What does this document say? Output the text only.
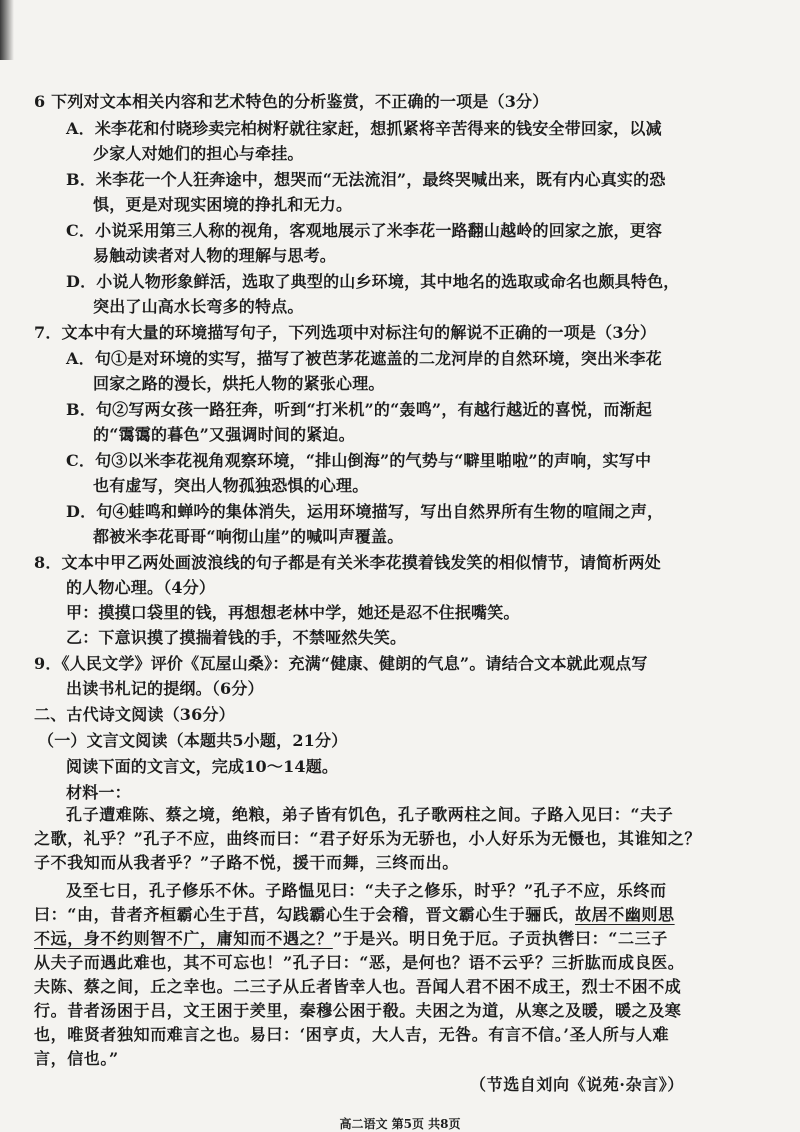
6 下列对文本相关内容和艺术特色的分析鉴赏，不正确的一项是（3分）
A．米李花和付晓珍卖完柏树籽就往家赶，想抓紧将辛苦得来的钱安全带回家，以减
少家人对她们的担心与牵挂。
B．米李花一个人狂奔途中，想哭而“无法流泪”，最终哭喊出来，既有内心真实的恐
惧，更是对现实困境的挣扎和无力。
C．小说采用第三人称的视角，客观地展示了米李花一路翻山越岭的回家之旅，更容
易触动读者对人物的理解与思考。
D．小说人物形象鲜活，选取了典型的山乡环境，其中地名的选取或命名也颇具特色，
突出了山高水长弯多的特点。
7．文本中有大量的环境描写句子，下列选项中对标注句的解说不正确的一项是（3分）
A．句①是对环境的实写，描写了被芭茅花遮盖的二龙河岸的自然环境，突出米李花
回家之路的漫长，烘托人物的紧张心理。
B．句②写两女孩一路狂奔，听到“打米机”的“轰鸣”，有越行越近的喜悦，而渐起
的“霭霭的暮色”又强调时间的紧迫。
C．句③以米李花视角观察环境，“排山倒海”的气势与“噼里啪啦”的声响，实写中
也有虚写，突出人物孤独恐惧的心理。
D．句④蛙鸣和蝉吟的集体消失，运用环境描写，写出自然界所有生物的喧闹之声，
都被米李花哥哥“响彻山崖”的喊叫声覆盖。
8．文本中甲乙两处画波浪线的句子都是有关米李花摸着钱发笑的相似情节，请简析两处
的人物心理。（4分）
甲：摸摸口袋里的钱，再想想老林中学，她还是忍不住抿嘴笑。
乙：下意识摸了摸揣着钱的手，不禁哑然失笑。
9．《人民文学》评价《瓦屋山桑》：充满“健康、健朗的气息”。请结合文本就此观点写
出读书札记的提纲。（6分）
二、古代诗文阅读（36分）
（一）文言文阅读（本题共5小题，21分）
阅读下面的文言文，完成10～14题。
材料一：
孔子遭难陈、蔡之境，绝粮，弟子皆有饥色，孔子歌两柱之间。子路入见曰：“夫子
之歌，礼乎？”孔子不应，曲终而曰：“君子好乐为无骄也，小人好乐为无慑也，其谁知之？
子不我知而从我者乎？”子路不悦，援干而舞，三终而出。
及至七日，孔子修乐不休。子路愠见曰：“夫子之修乐，时乎？”孔子不应，乐终而
曰：“由，昔者齐桓霸心生于莒，勾践霸心生于会稽，晋文霸心生于骊氏，故居不幽则思
不远，身不约则智不广，庸知而不遇之？”于是兴。明日免于厄。子贡执辔曰：“二三子
从夫子而遇此难也，其不可忘也！”孔子曰：“恶，是何也？语不云乎？三折肱而成良医。
夫陈、蔡之间，丘之幸也。二三子从丘者皆幸人也。吾闻人君不困不成王，烈士不困不成
行。昔者汤困于吕，文王困于羑里，秦穆公困于殽。夫困之为道，从寒之及暖，暖之及寒
高二语文 第5页 共8页
也，唯贤者独知而难言之也。易曰：‘困亨贞，大人吉，无咎。有言不信。’圣人所与人难
言，信也。”
（节选自刘向《说苑·杂言》）
